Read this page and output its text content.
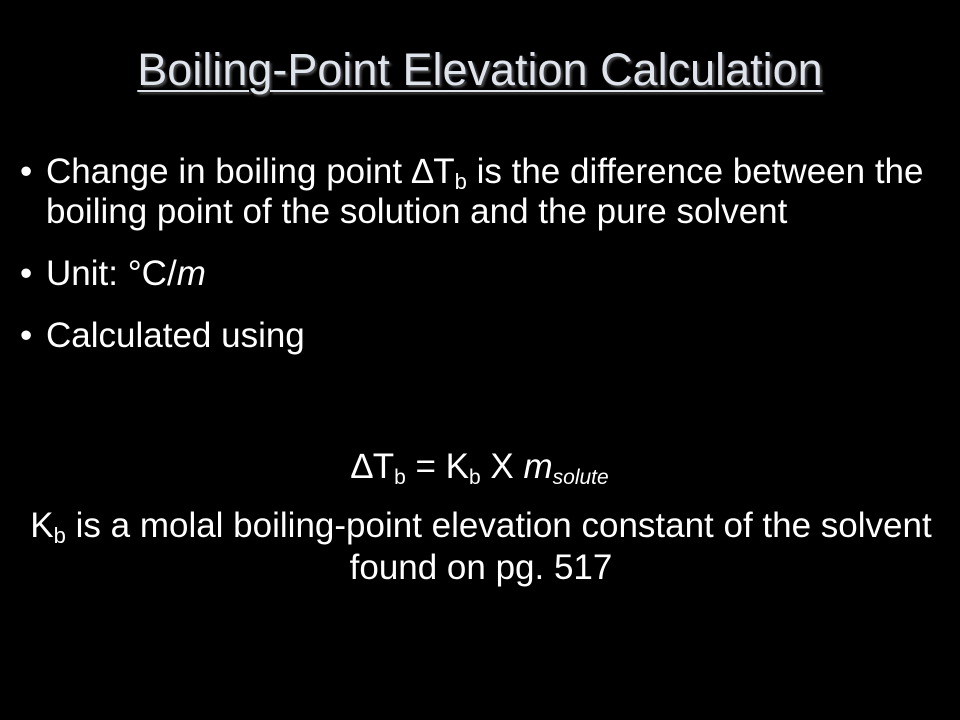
Boiling-Point Elevation Calculation
• Change in boiling point $\Delta T_b$ is the difference between the boiling point of the solution and the pure solvent
• Unit: °C/m
• Calculated using
$\Delta T_b = K_b$ X $m_{solute}$
$K_b$ is a molal boiling-point elevation constant of the solvent found on pg. 517
